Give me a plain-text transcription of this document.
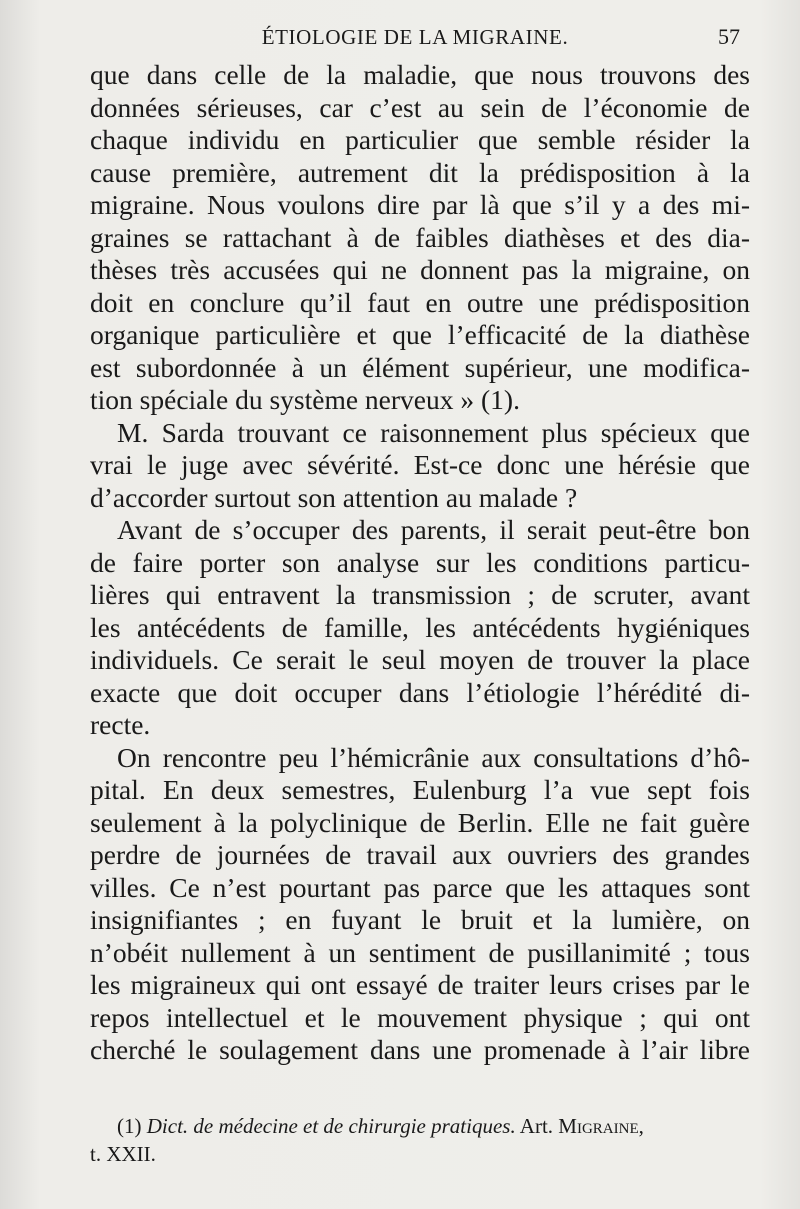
ÉTIOLOGIE DE LA MIGRAINE.	57
que dans celle de la maladie, que nous trouvons des
données sérieuses, car c’est au sein de l’économie de
chaque individu en particulier que semble résider la
cause première, autrement dit la prédisposition à la
migraine. Nous voulons dire par là que s’il y a des mi-
graines se rattachant à de faibles diathèses et des dia-
thèses très accusées qui ne donnent pas la migraine, on
doit en conclure qu’il faut en outre une prédisposition
organique particulière et que l’efficacité de la diathèse
est subordonnée à un élément supérieur, une modifica-
tion spéciale du système nerveux » (1).
M. Sarda trouvant ce raisonnement plus spécieux que
vrai le juge avec sévérité. Est-ce donc une hérésie que
d’accorder surtout son attention au malade ?
Avant de s’occuper des parents, il serait peut-être bon
de faire porter son analyse sur les conditions particu-
lières qui entravent la transmission ; de scruter, avant
les antécédents de famille, les antécédents hygiéniques
individuels. Ce serait le seul moyen de trouver la place
exacte que doit occuper dans l’étiologie l’hérédité di-
recte.
On rencontre peu l’hémicrânie aux consultations d’hô-
pital. En deux semestres, Eulenburg l’a vue sept fois
seulement à la polyclinique de Berlin. Elle ne fait guère
perdre de journées de travail aux ouvriers des grandes
villes. Ce n’est pourtant pas parce que les attaques sont
insignifiantes ; en fuyant le bruit et la lumière, on
n’obéit nullement à un sentiment de pusillanimité ; tous
les migraineux qui ont essayé de traiter leurs crises par le
repos intellectuel et le mouvement physique ; qui ont
cherché le soulagement dans une promenade à l’air libre
(1) Dict. de médecine et de chirurgie pratiques. Art. Migraine,
t. XXII.
